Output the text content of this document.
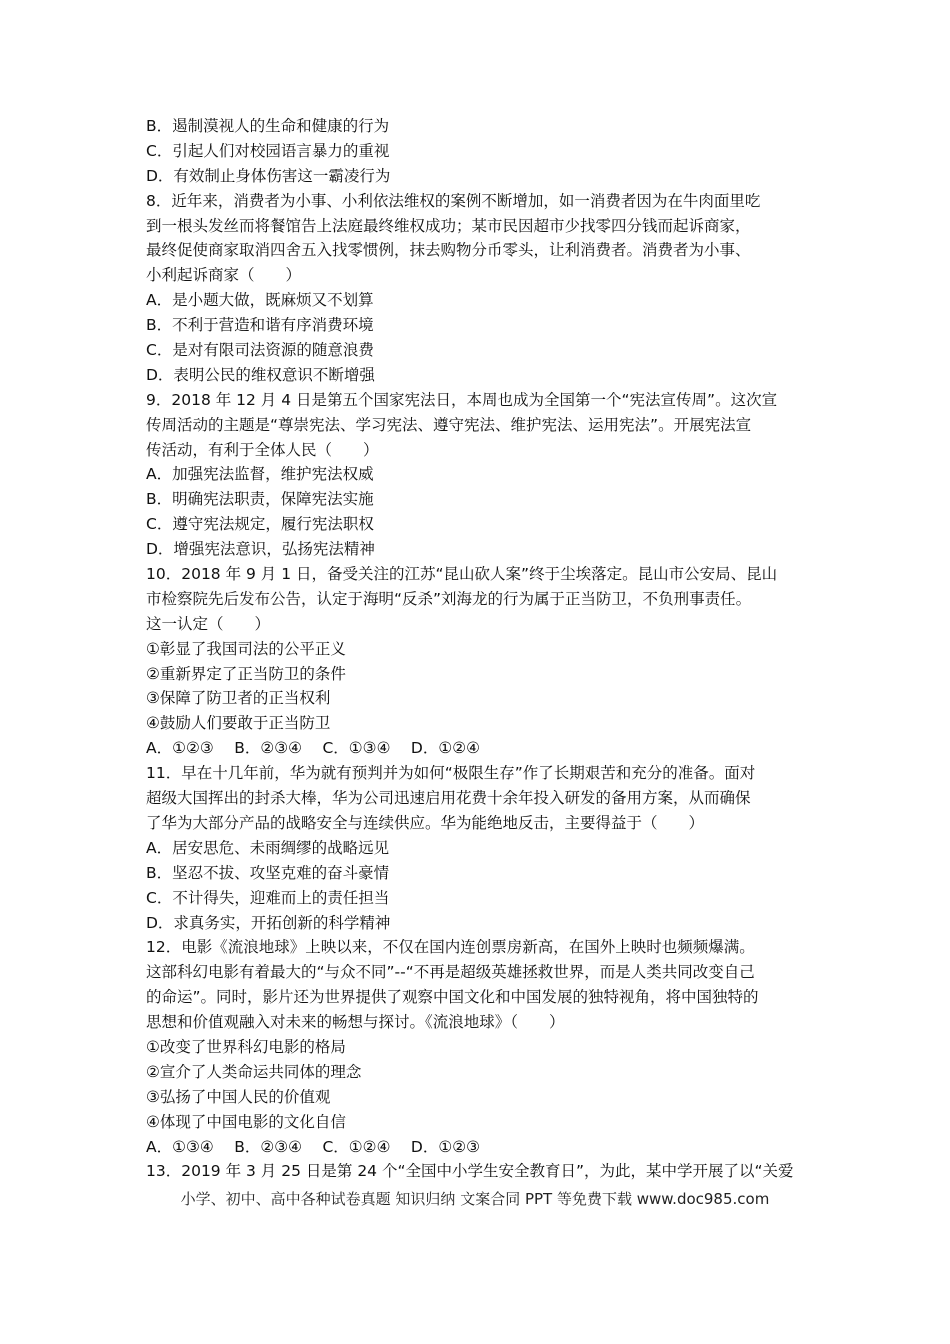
B．遏制漠视人的生命和健康的行为
C．引起人们对校园语言暴力的重视
D．有效制止身体伤害这一霸凌行为
8．近年来，消费者为小事、小利依法维权的案例不断增加，如一消费者因为在牛肉面里吃
到一根头发丝而将餐馆告上法庭最终维权成功；某市民因超市少找零四分钱而起诉商家，
最终促使商家取消四舍五入找零惯例，抹去购物分币零头，让利消费者。消费者为小事、
小利起诉商家（　　）
A．是小题大做，既麻烦又不划算
B．不利于营造和谐有序消费环境
C．是对有限司法资源的随意浪费
D．表明公民的维权意识不断增强
9．2018 年 12 月 4 日是第五个国家宪法日，本周也成为全国第一个“宪法宣传周”。这次宣
传周活动的主题是“尊崇宪法、学习宪法、遵守宪法、维护宪法、运用宪法”。开展宪法宣
传活动，有利于全体人民（　　）
A．加强宪法监督，维护宪法权威
B．明确宪法职责，保障宪法实施
C．遵守宪法规定，履行宪法职权
D．增强宪法意识，弘扬宪法精神
10．2018 年 9 月 1 日，备受关注的江苏“昆山砍人案”终于尘埃落定。昆山市公安局、昆山
市检察院先后发布公告，认定于海明“反杀”刘海龙的行为属于正当防卫，不负刑事责任。
这一认定（　　）
①彰显了我国司法的公平正义
②重新界定了正当防卫的条件
③保障了防卫者的正当权利
④鼓励人们要敢于正当防卫
A．①②③　 B．②③④　 C．①③④　 D．①②④
11．早在十几年前，华为就有预判并为如何“极限生存”作了长期艰苦和充分的准备。面对
超级大国挥出的封杀大棒，华为公司迅速启用花费十余年投入研发的备用方案，从而确保
了华为大部分产品的战略安全与连续供应。华为能绝地反击，主要得益于（　　）
A．居安思危、未雨绸缪的战略远见
B．坚忍不拔、攻坚克难的奋斗豪情
C．不计得失，迎难而上的责任担当
D．求真务实，开拓创新的科学精神
12．电影《流浪地球》上映以来，不仅在国内连创票房新高，在国外上映时也频频爆满。
这部科幻电影有着最大的“与众不同”--“不再是超级英雄拯救世界，而是人类共同改变自己
的命运”。同时，影片还为世界提供了观察中国文化和中国发展的独特视角，将中国独特的
思想和价值观融入对未来的畅想与探讨。《流浪地球》（　　）
①改变了世界科幻电影的格局
②宣介了人类命运共同体的理念
③弘扬了中国人民的价值观
④体现了中国电影的文化自信
A．①③④　 B．②③④　 C．①②④　 D．①②③
13．2019 年 3 月 25 日是第 24 个“全国中小学生安全教育日”，为此，某中学开展了以“关爱
小学、初中、高中各种试卷真题 知识归纳 文案合同 PPT 等免费下载 www.doc985.com
